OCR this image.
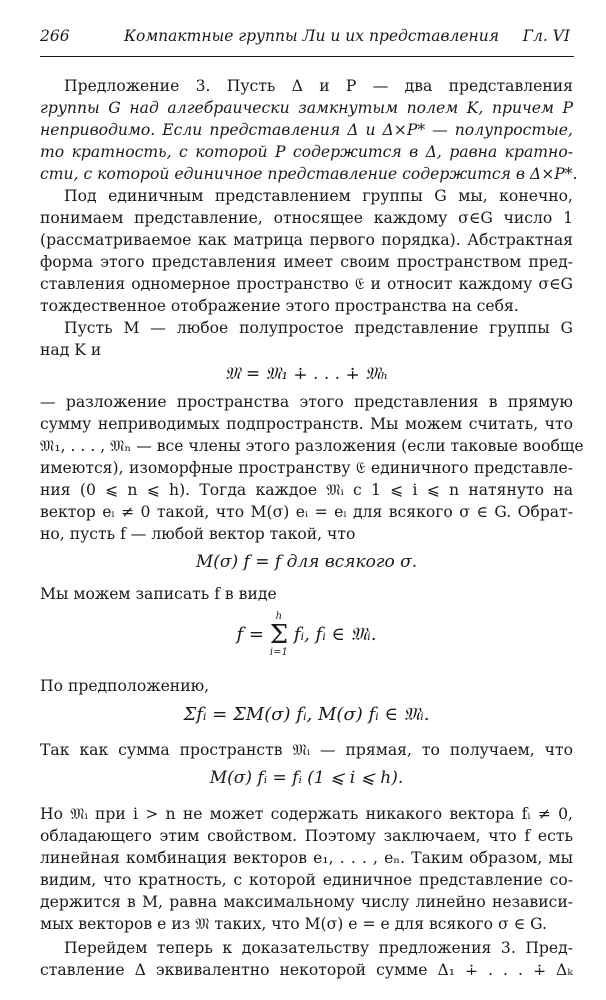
266	Компактные группы Ли и их представления Гл. VI
Предложение 3. Пусть Δ и P — два представления
группы G над алгебраически замкнутым полем K, причем P
неприводимо. Если представления Δ и Δ×P* — полупростые,
то кратность, с которой P содержится в Δ, равна кратно-
сти, с которой единичное представление содержится в Δ×P*.
Под единичным представлением группы G мы, конечно,
понимаем представление, относящее каждому σ∈G число 1
(рассматриваемое как матрица первого порядка). Абстрактная
форма этого представления имеет своим пространством пред-
ставления одномерное пространство 𝔈 и относит каждому σ∈G
тождественное отображение этого пространства на себя.
Пусть M — любое полупростое представление группы G
над K и
𝔐 = 𝔐₁ ∔ . . . ∔ 𝔐ₕ
— разложение пространства этого представления в прямую
сумму неприводимых подпространств. Мы можем считать, что
𝔐₁, . . . , 𝔐ₙ — все члены этого разложения (если таковые вообще
имеются), изоморфные пространству 𝔈 единичного представле-
ния (0 ⩽ n ⩽ h). Тогда каждое 𝔐ᵢ с 1 ⩽ i ⩽ n натянуто на
вектор eᵢ ≠ 0 такой, что M(σ) eᵢ = eᵢ для всякого σ ∈ G. Обрат-
но, пусть f — любой вектор такой, что
M(σ) f = f для всякого σ.
Мы можем записать f в виде
f =
h
Σ
i=1
fᵢ, fᵢ ∈ 𝔐ᵢ.
По предположению,
Σfᵢ = ΣM(σ) fᵢ, M(σ) fᵢ ∈ 𝔐ᵢ.
Так как сумма пространств 𝔐ᵢ — прямая, то получаем, что
M(σ) fᵢ = fᵢ (1 ⩽ i ⩽ h).
Но 𝔐ᵢ при i > n не может содержать никакого вектора fᵢ ≠ 0,
обладающего этим свойством. Поэтому заключаем, что f есть
линейная комбинация векторов e₁, . . . , eₙ. Таким образом, мы
видим, что кратность, с которой единичное представление со-
держится в M, равна максимальному числу линейно независи-
мых векторов e из 𝔐 таких, что M(σ) e = e для всякого σ ∈ G.
Перейдем теперь к доказательству предложения 3. Пред-
ставление Δ эквивалентно некоторой сумме Δ₁ ∔ . . . ∔ Δₖ
